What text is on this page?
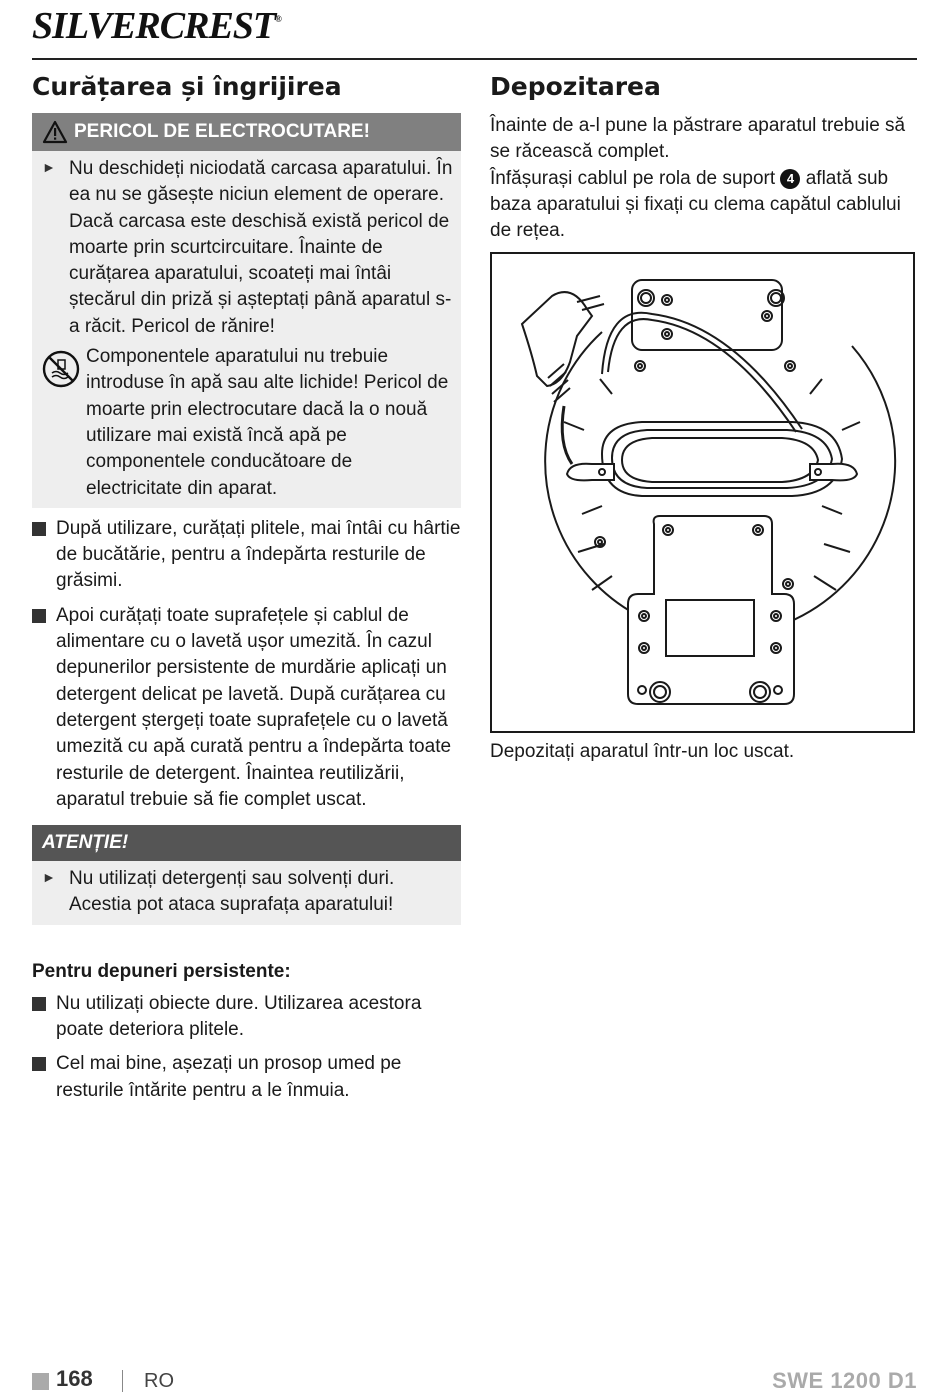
SILVERCREST®
Curățarea și îngrijirea
PERICOL DE ELECTROCUTARE!
► Nu deschideți niciodată carcasa aparatului. În ea nu se găsește niciun element de operare. Dacă carcasa este deschisă există pericol de moarte prin scurtcircuitare. Înainte de curățarea aparatului, scoateți mai întâi ștecărul din priză și așteptați până aparatul s-a răcit. Pericol de rănire!
Componentele aparatului nu trebuie introduse în apă sau alte lichide! Pericol de moarte prin electrocutare dacă la o nouă utilizare mai există încă apă pe componentele conducătoare de electricitate din aparat.
După utilizare, curățați plitele, mai întâi cu hârtie de bucătărie, pentru a îndepărta resturile de grăsimi.
Apoi curățați toate suprafețele și cablul de alimentare cu o lavetă ușor umezită. În cazul depunerilor persistente de murdărie aplicați un detergent delicat pe lavetă. După curățarea cu detergent ștergeți toate suprafețele cu o lavetă umezită cu apă curată pentru a îndepărta toate resturile de detergent. Înaintea reutilizării, aparatul trebuie să fie complet uscat.
ATENȚIE!
► Nu utilizați detergenți sau solvenți duri. Acestia pot ataca suprafața aparatului!
Pentru depuneri persistente:
Nu utilizați obiecte dure. Utilizarea acestora poate deteriora plitele.
Cel mai bine, așezați un prosop umed pe resturile întărite pentru a le înmuia.
Depozitarea

Înainte de a-l pune la păstrare aparatul trebuie să se răcească complet.

Înfășurași cablul pe rola de suport 4 aflată sub baza aparatului și fixați cu clema capătul cablului de rețea.

Depozitați aparatul într-un loc uscat.

168	RO	SWE 1200 D1
